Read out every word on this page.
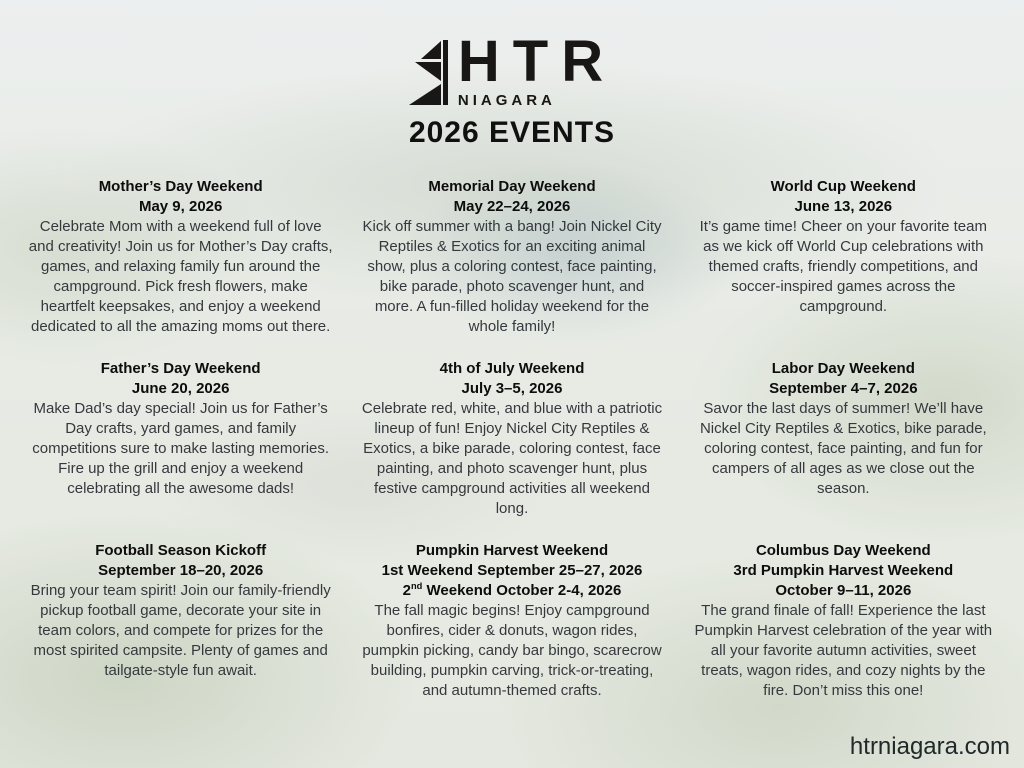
HTR
NIAGARA
2026 EVENTS
Mother’s Day Weekend
May 9, 2026
Celebrate Mom with a weekend full of love and creativity! Join us for Mother’s Day crafts, games, and relaxing family fun around the campground. Pick fresh flowers, make heartfelt keepsakes, and enjoy a weekend dedicated to all the amazing moms out there.
Memorial Day Weekend
May 22–24, 2026
Kick off summer with a bang! Join Nickel City Reptiles & Exotics for an exciting animal show, plus a coloring contest, face painting, bike parade, photo scavenger hunt, and more. A fun-filled holiday weekend for the whole family!
World Cup Weekend
June 13, 2026
It’s game time! Cheer on your favorite team as we kick off World Cup celebrations with themed crafts, friendly competitions, and soccer-inspired games across the campground.
Father’s Day Weekend
June 20, 2026
Make Dad’s day special! Join us for Father’s Day crafts, yard games, and family competitions sure to make lasting memories. Fire up the grill and enjoy a weekend celebrating all the awesome dads!
4th of July Weekend
July 3–5, 2026
Celebrate red, white, and blue with a patriotic lineup of fun! Enjoy Nickel City Reptiles & Exotics, a bike parade, coloring contest, face painting, and photo scavenger hunt, plus festive campground activities all weekend long.
Labor Day Weekend
September 4–7, 2026
Savor the last days of summer! We’ll have Nickel City Reptiles & Exotics, bike parade, coloring contest, face painting, and fun for campers of all ages as we close out the season.
Football Season Kickoff
September 18–20, 2026
Bring your team spirit! Join our family-friendly pickup football game, decorate your site in team colors, and compete for prizes for the most spirited campsite. Plenty of games and tailgate-style fun await.
Pumpkin Harvest Weekend
1st Weekend September 25–27, 2026
2nd Weekend October 2-4, 2026
The fall magic begins! Enjoy campground bonfires, cider & donuts, wagon rides, pumpkin picking, candy bar bingo, scarecrow building, pumpkin carving, trick-or-treating, and autumn-themed crafts.
Columbus Day Weekend
3rd Pumpkin Harvest Weekend
October 9–11, 2026
The grand finale of fall! Experience the last Pumpkin Harvest celebration of the year with all your favorite autumn activities, sweet treats, wagon rides, and cozy nights by the fire. Don’t miss this one!
htrniagara.com
